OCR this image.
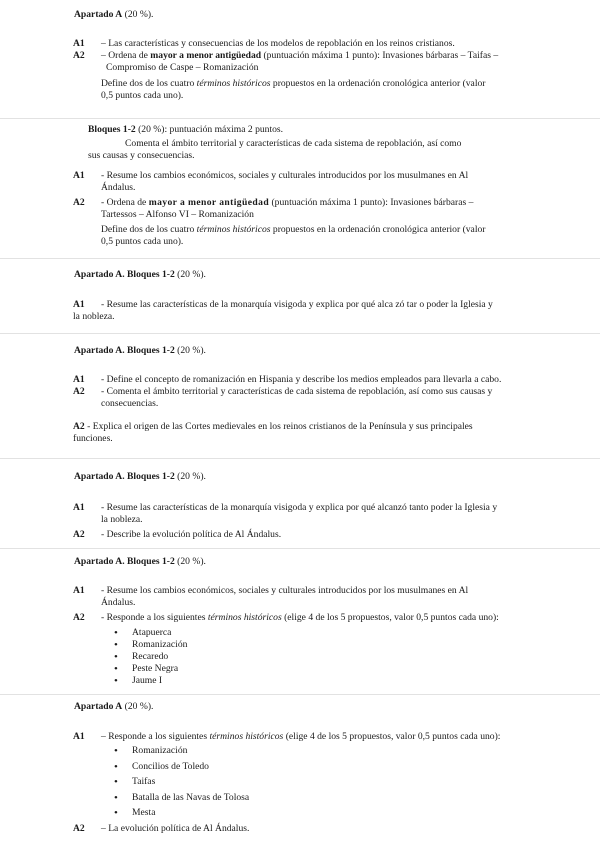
Apartado A (20 %).
A1 – Las características y consecuencias de los modelos de repoblación en los reinos cristianos.
A2 – Ordena de mayor a menor antigüedad (puntuación máxima 1 punto): Invasiones bárbaras – Taifas –
Compromiso de Caspe – Romanización
Define dos de los cuatro términos históricos propuestos en la ordenación cronológica anterior (valor
0,5 puntos cada uno).
Bloques 1-2 (20 %): puntuación máxima 2 puntos.
Comenta el ámbito territorial y características de cada sistema de repoblación, así como
sus causas y consecuencias.
A1 - Resume los cambios económicos, sociales y culturales introducidos por los musulmanes en Al
Ándalus.
A2 - Ordena de mayor a menor antigüedad (puntuación máxima 1 punto): Invasiones bárbaras –
Tartessos – Alfonso VI – Romanización
Define dos de los cuatro términos históricos propuestos en la ordenación cronológica anterior (valor
0,5 puntos cada uno).
Apartado A. Bloques 1-2 (20 %).
A1 - Resume las características de la monarquía visigoda y explica por qué alca zó tar o poder la Iglesia y
la nobleza.
Apartado A. Bloques 1-2 (20 %).
A1 - Define el concepto de romanización en Hispania y describe los medios empleados para llevarla a cabo.
A2 - Comenta el ámbito territorial y características de cada sistema de repoblación, así como sus causas y
consecuencias.
A2 - Explica el origen de las Cortes medievales en los reinos cristianos de la Península y sus principales
funciones.
Apartado A. Bloques 1-2 (20 %).
A1 - Resume las características de la monarquía visigoda y explica por qué alcanzó tanto poder la Iglesia y
la nobleza.
A2 - Describe la evolución política de Al Ándalus.
Apartado A. Bloques 1-2 (20 %).
A1 - Resume los cambios económicos, sociales y culturales introducidos por los musulmanes en Al
Ándalus.
A2 - Responde a los siguientes términos históricos (elige 4 de los 5 propuestos, valor 0,5 puntos cada uno):
• Atapuerca
• Romanización
• Recaredo
• Peste Negra
• Jaume I
Apartado A (20 %).
A1 – Responde a los siguientes términos históricos (elige 4 de los 5 propuestos, valor 0,5 puntos cada uno):
• Romanización
• Concilios de Toledo
• Taifas
• Batalla de las Navas de Tolosa
• Mesta
A2 – La evolución política de Al Ándalus.
